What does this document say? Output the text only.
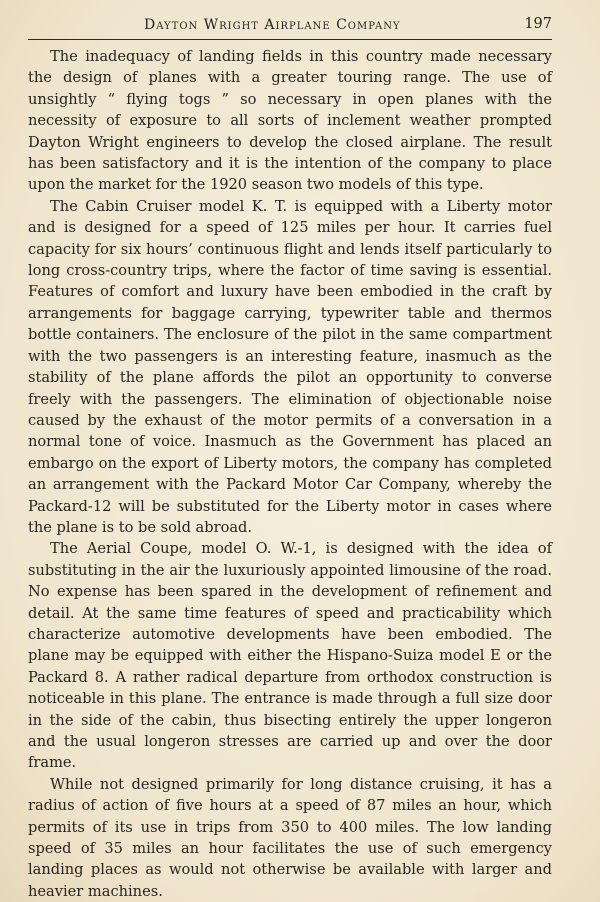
Dayton Wright Airplane Company	197

The inadequacy of landing fields in this country made necessary the design of planes with a greater touring range. The use of unsightly “ flying togs ” so necessary in open planes with the necessity of exposure to all sorts of inclement weather prompted Dayton Wright engineers to develop the closed airplane. The result has been satisfactory and it is the intention of the company to place upon the market for the 1920 season two models of this type.

The Cabin Cruiser model K. T. is equipped with a Liberty motor and is designed for a speed of 125 miles per hour. It carries fuel capacity for six hours’ continuous flight and lends itself particularly to long cross-country trips, where the factor of time saving is essential. Features of comfort and luxury have been embodied in the craft by arrangements for baggage carrying, typewriter table and thermos bottle containers. The enclosure of the pilot in the same compartment with the two passengers is an interesting feature, inasmuch as the stability of the plane affords the pilot an opportunity to converse freely with the passengers. The elimination of objectionable noise caused by the exhaust of the motor permits of a conversation in a normal tone of voice. Inasmuch as the Government has placed an embargo on the export of Liberty motors, the company has completed an arrangement with the Packard Motor Car Company, whereby the Packard-12 will be substituted for the Liberty motor in cases where the plane is to be sold abroad.

The Aerial Coupe, model O. W.-1, is designed with the idea of substituting in the air the luxuriously appointed limousine of the road. No expense has been spared in the development of refinement and detail. At the same time features of speed and practicability which characterize automotive developments have been embodied. The plane may be equipped with either the Hispano-Suiza model E or the Packard 8. A rather radical departure from orthodox construction is noticeable in this plane. The entrance is made through a full size door in the side of the cabin, thus bisecting entirely the upper longeron and the usual longeron stresses are carried up and over the door frame.

While not designed primarily for long distance cruising, it has a radius of action of five hours at a speed of 87 miles an hour, which permits of its use in trips from 350 to 400 miles. The low landing speed of 35 miles an hour facilitates the use of such emergency landing places as would not otherwise be available with larger and heavier machines.
